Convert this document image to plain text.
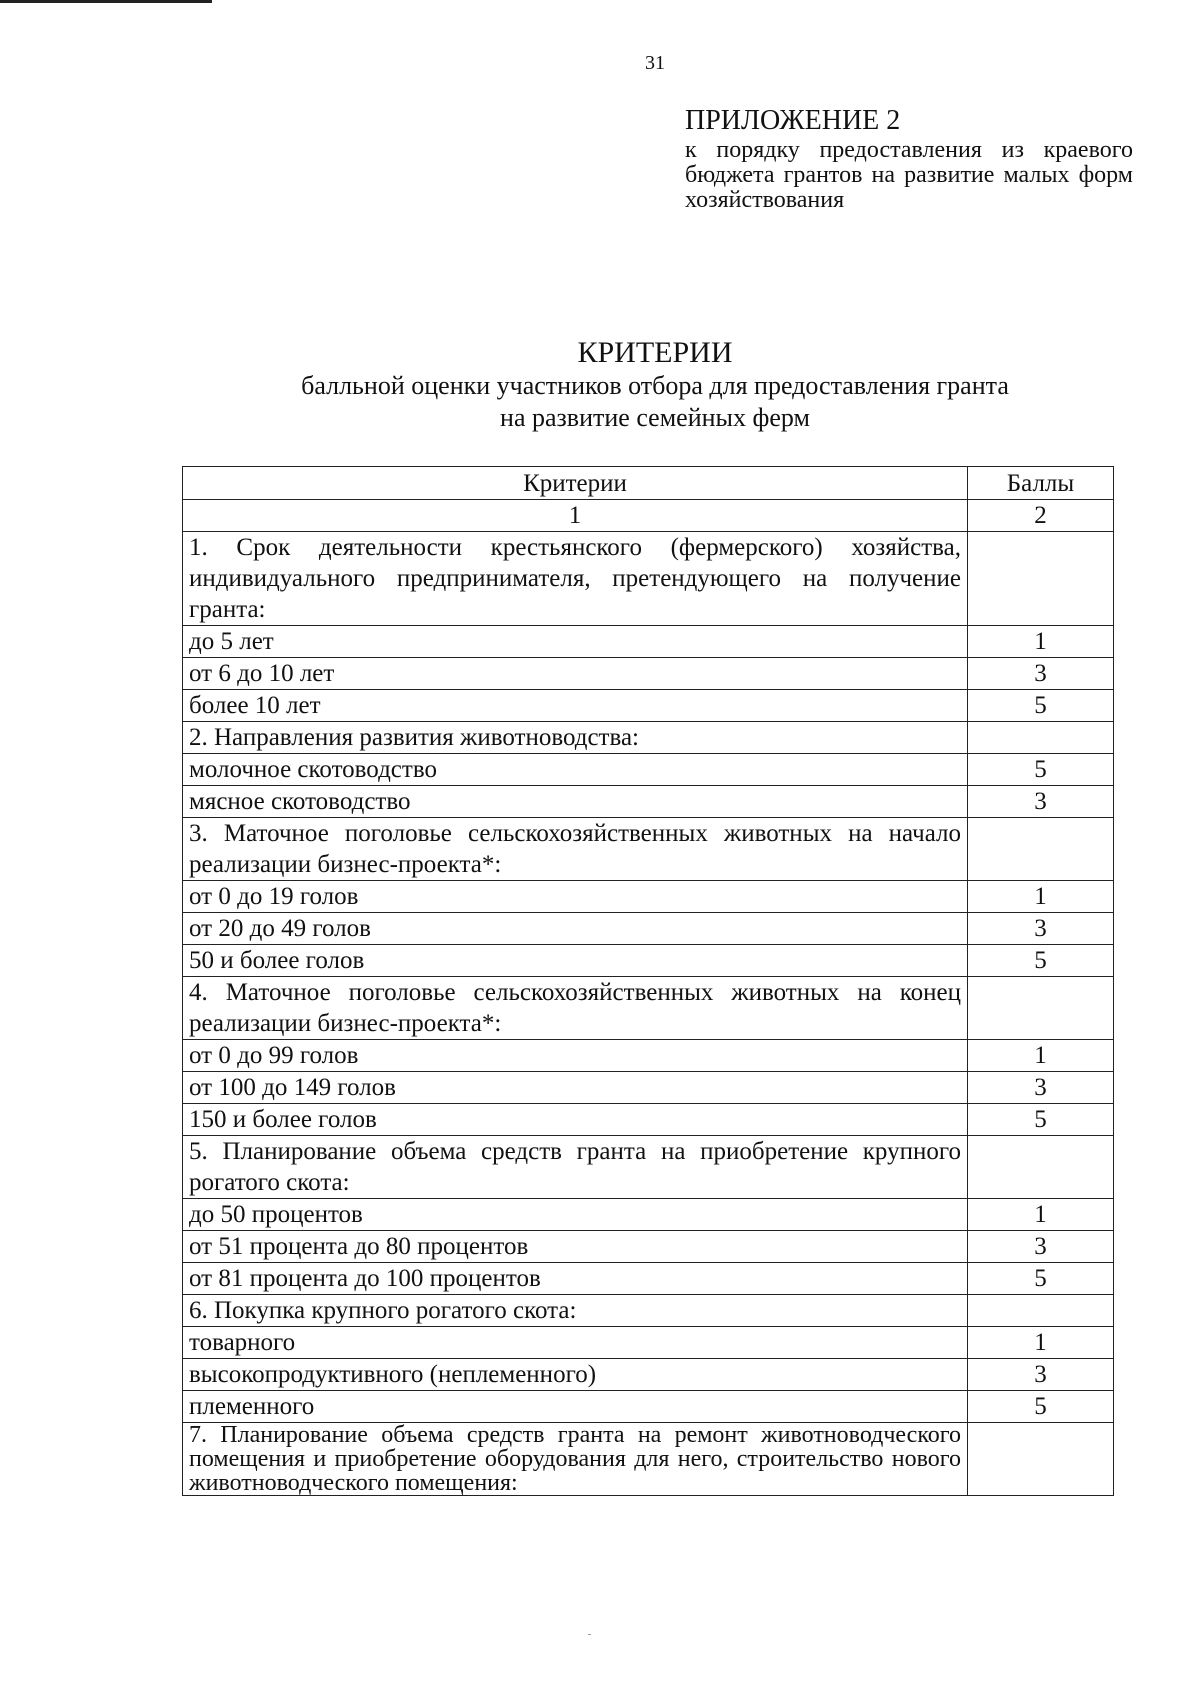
31
ПРИЛОЖЕНИЕ 2
к порядку предоставления из краевого бюджета грантов на развитие малых форм хозяйствования
КРИТЕРИИ
балльной оценки участников отбора для предоставления гранта
на развитие семейных ферм
Критерии	Баллы
1	2
1. Срок деятельности крестьянского (фермерского) хозяйства, индивидуального предпринимателя, претендующего на получение гранта:	
до 5 лет	1
от 6 до 10 лет	3
более 10 лет	5
2. Направления развития животноводства:	
молочное скотоводство	5
мясное скотоводство	3
3. Маточное поголовье сельскохозяйственных животных на начало реализации бизнес-проекта*:	
от 0 до 19 голов	1
от 20 до 49 голов	3
50 и более голов	5
4. Маточное поголовье сельскохозяйственных животных на конец реализации бизнес-проекта*:	
от 0 до 99 голов	1
от 100 до 149 голов	3
150 и более голов	5
5. Планирование объема средств гранта на приобретение крупного рогатого скота:	
до 50 процентов	1
от 51 процента до 80 процентов	3
от 81 процента до 100 процентов	5
6. Покупка крупного рогатого скота:	
товарного	1
высокопродуктивного (неплеменного)	3
племенного	5
7. Планирование объема средств гранта на ремонт животноводческого помещения и приобретение оборудования для него, строительство нового животноводческого помещения:	
